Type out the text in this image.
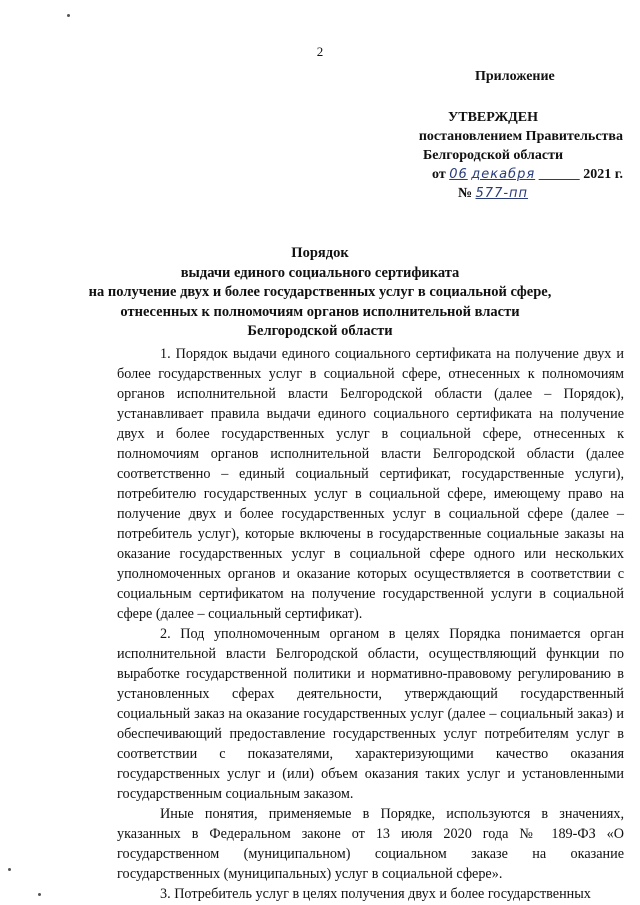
2
Приложение
УТВЕРЖДЕН
постановлением Правительства
Белгородской области
от 06 декабря	2021 г.
№ 577-пп
Порядок
выдачи единого социального сертификата
на получение двух и более государственных услуг в социальной сфере,
отнесенных к полномочиям органов исполнительной власти
Белгородской области

1. Порядок выдачи единого социального сертификата на получение двух и более государственных услуг в социальной сфере, отнесенных к полномочиям органов исполнительной власти Белгородской области (далее – Порядок), устанавливает правила выдачи единого социального сертификата на получение двух и более государственных услуг в социальной сфере, отнесенных к полномочиям органов исполнительной власти Белгородской области (далее соответственно – единый социальный сертификат, государственные услуги), потребителю государственных услуг в социальной сфере, имеющему право на получение двух и более государственных услуг в социальной сфере (далее – потребитель услуг), которые включены в государственные социальные заказы на оказание государственных услуг в социальной сфере одного или нескольких уполномоченных органов и оказание которых осуществляется в соответствии с социальным сертификатом на получение государственной услуги в социальной сфере (далее – социальный сертификат).

2. Под уполномоченным органом в целях Порядка понимается орган исполнительной власти Белгородской области, осуществляющий функции по выработке государственной политики и нормативно-правовому регулированию в установленных сферах деятельности, утверждающий государственный социальный заказ на оказание государственных услуг (далее – социальный заказ) и обеспечивающий предоставление государственных услуг потребителям услуг в соответствии с показателями, характеризующими качество оказания государственных услуг и (или) объем оказания таких услуг и установленными государственным социальным заказом.

Иные понятия, применяемые в Порядке, используются в значениях, указанных в Федеральном законе от 13 июля 2020 года № 189-ФЗ «О государственном (муниципальном) социальном заказе на оказание государственных (муниципальных) услуг в социальной сфере».

3. Потребитель услуг в целях получения двух и более государственных
